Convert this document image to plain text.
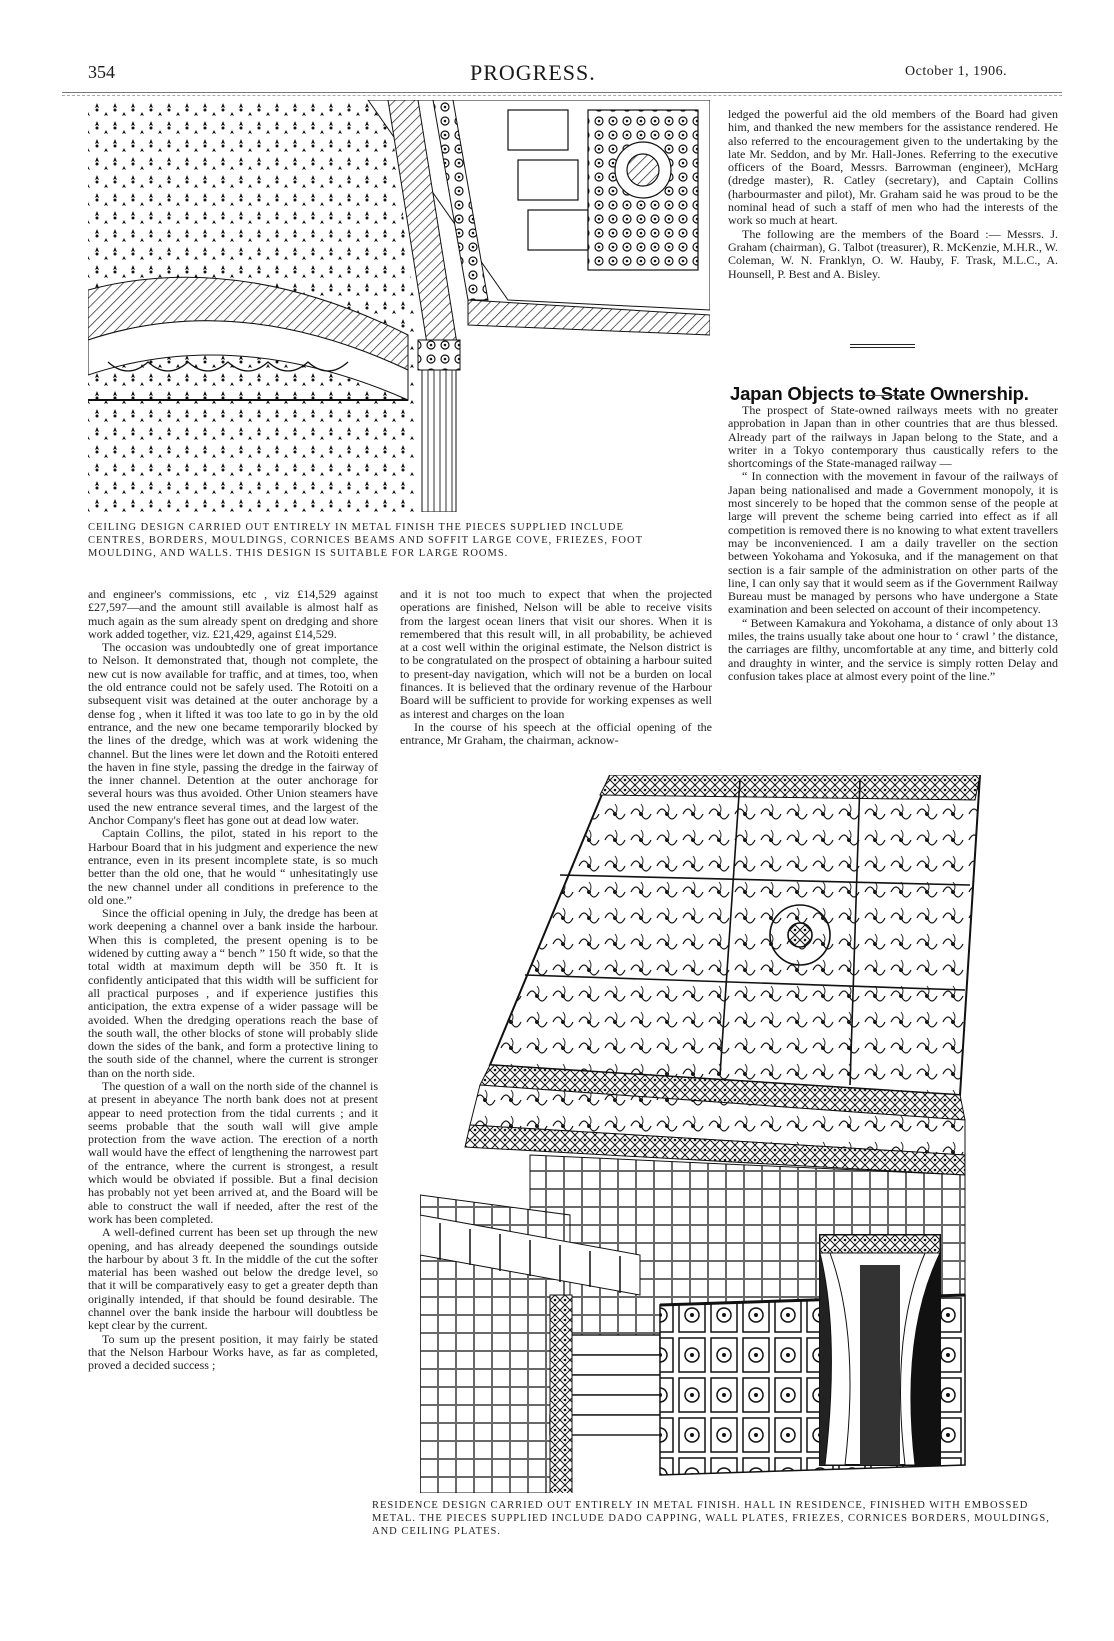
354	PROGRESS.	October 1, 1906.
CEILING DESIGN CARRIED OUT ENTIRELY IN METAL FINISH THE PIECES SUPPLIED INCLUDE CENTRES, BORDERS, MOULDINGS, CORNICES BEAMS AND SOFFIT LARGE COVE, FRIEZES, FOOT MOULDING, AND WALLS. THIS DESIGN IS SUITABLE FOR LARGE ROOMS.

ledged the powerful aid the old members of the Board had given him, and thanked the new members for the assistance rendered. He also referred to the encouragement given to the undertaking by the late Mr. Seddon, and by Mr. Hall-Jones. Referring to the executive officers of the Board, Messrs. Barrowman (engineer), McHarg (dredge master), R. Catley (secretary), and Captain Collins (harbourmaster and pilot), Mr. Graham said he was proud to be the nominal head of such a staff of men who had the interests of the work so much at heart.

The following are the members of the Board :— Messrs. J. Graham (chairman), G. Talbot (treasurer), R. McKenzie, M.H.R., W. Coleman, W. N. Franklyn, O. W. Hauby, F. Trask, M.L.C., A. Hounsell, P. Best and A. Bisley.

Japan Objects to State Ownership.

The prospect of State-owned railways meets with no greater approbation in Japan than in other countries that are thus blessed. Already part of the railways in Japan belong to the State, and a writer in a Tokyo contemporary thus caustically refers to the shortcomings of the State-managed railway —

“ In connection with the movement in favour of the railways of Japan being nationalised and made a Government monopoly, it is most sincerely to be hoped that the common sense of the people at large will prevent the scheme being carried into effect as if all competition is removed there is no knowing to what extent travellers may be inconvenienced. I am a daily traveller on the section between Yokohama and Yokosuka, and if the management on that section is a fair sample of the administration on other parts of the line, I can only say that it would seem as if the Government Railway Bureau must be managed by persons who have undergone a State examination and been selected on account of their incompetency.

“ Between Kamakura and Yokohama, a distance of only about 13 miles, the trains usually take about one hour to ‘ crawl ’ the distance, the carriages are filthy, uncomfortable at any time, and bitterly cold and draughty in winter, and the service is simply rotten Delay and confusion takes place at almost every point of the line.”

and engineer's commissions, etc , viz £14,529 against £27,597—and the amount still available is almost half as much again as the sum already spent on dredging and shore work added together, viz. £21,429, against £14,529.

The occasion was undoubtedly one of great importance to Nelson. It demonstrated that, though not complete, the new cut is now available for traffic, and at times, too, when the old entrance could not be safely used. The Rotoiti on a subsequent visit was detained at the outer anchorage by a dense fog , when it lifted it was too late to go in by the old entrance, and the new one became temporarily blocked by the lines of the dredge, which was at work widening the channel. But the lines were let down and the Rotoiti entered the haven in fine style, passing the dredge in the fairway of the inner channel. Detention at the outer anchorage for several hours was thus avoided. Other Union steamers have used the new entrance several times, and the largest of the Anchor Company's fleet has gone out at dead low water.

Captain Collins, the pilot, stated in his report to the Harbour Board that in his judgment and experience the new entrance, even in its present incomplete state, is so much better than the old one, that he would “ unhesitatingly use the new channel under all conditions in preference to the old one.”

Since the official opening in July, the dredge has been at work deepening a channel over a bank inside the harbour. When this is completed, the present opening is to be widened by cutting away a “ bench ” 150 ft wide, so that the total width at maximum depth will be 350 ft. It is confidently anticipated that this width will be sufficient for all practical purposes , and if experience justifies this anticipation, the extra expense of a wider passage will be avoided. When the dredging operations reach the base of the south wall, the other blocks of stone will probably slide down the sides of the bank, and form a protective lining to the south side of the channel, where the current is stronger than on the north side.

The question of a wall on the north side of the channel is at present in abeyance The north bank does not at present appear to need protection from the tidal currents ; and it seems probable that the south wall will give ample protection from the wave action. The erection of a north wall would have the effect of lengthening the narrowest part of the entrance, where the current is strongest, a result which would be obviated if possible. But a final decision has probably not yet been arrived at, and the Board will be able to construct the wall if needed, after the rest of the work has been completed.

A well-defined current has been set up through the new opening, and has already deepened the soundings outside the harbour by about 3 ft. In the middle of the cut the softer material has been washed out below the dredge level, so that it will be comparatively easy to get a greater depth than originally intended, if that should be found desirable. The channel over the bank inside the harbour will doubtless be kept clear by the current.

To sum up the present position, it may fairly be stated that the Nelson Harbour Works have, as far as completed, proved a decided success ;

and it is not too much to expect that when the projected operations are finished, Nelson will be able to receive visits from the largest ocean liners that visit our shores. When it is remembered that this result will, in all probability, be achieved at a cost well within the original estimate, the Nelson district is to be congratulated on the prospect of obtaining a harbour suited to present-day navigation, which will not be a burden on local finances. It is believed that the ordinary revenue of the Harbour Board will be sufficient to provide for working expenses as well as interest and charges on the loan

In the course of his speech at the official opening of the entrance, Mr Graham, the chairman, acknow-

RESIDENCE DESIGN CARRIED OUT ENTIRELY IN METAL FINISH. HALL IN RESIDENCE, FINISHED WITH EMBOSSED METAL. THE PIECES SUPPLIED INCLUDE DADO CAPPING, WALL PLATES, FRIEZES, CORNICES BORDERS, MOULDINGS, AND CEILING PLATES.
